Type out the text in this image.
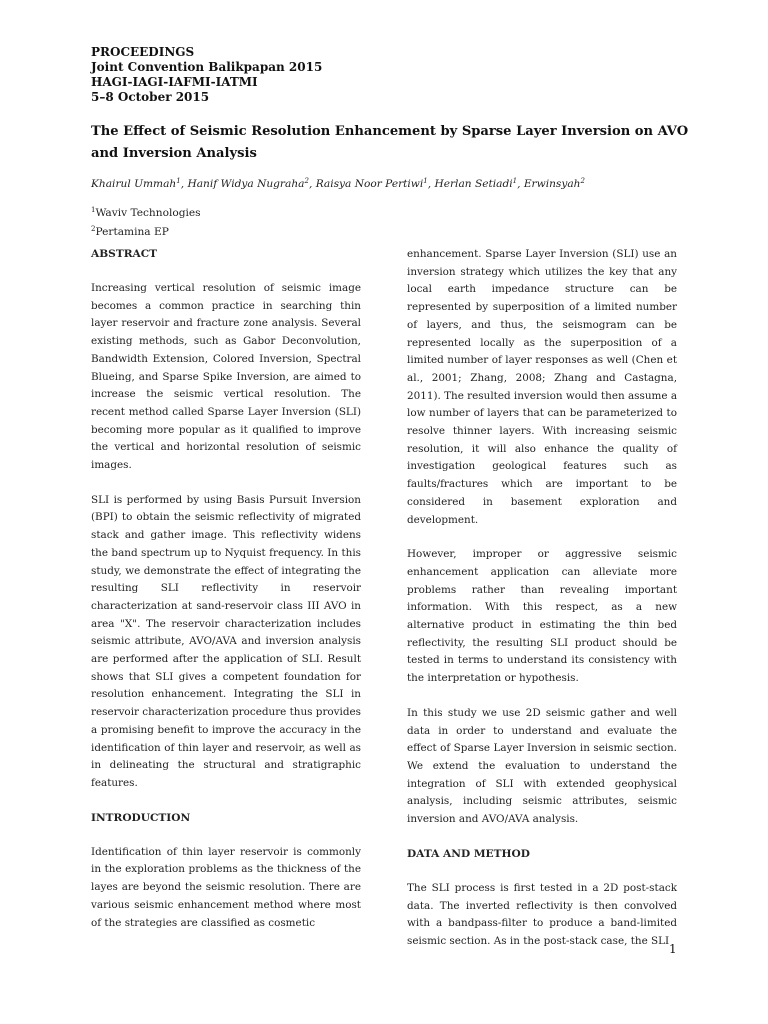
PROCEEDINGS
Joint Convention Balikpapan 2015
HAGI-IAGI-IAFMI-IATMI
5–8 October 2015
The Effect of Seismic Resolution Enhancement by Sparse Layer Inversion on AVO and Inversion Analysis
Khairul Ummah$^1$, Hanif Widya Nugraha$^2$, Raisya Noor Pertiwi$^1$, Herlan Setiadi$^1$, Erwinsyah$^2$
$^1$Waviv Technologies
$^2$Pertamina EP
ABSTRACT
Increasing vertical resolution of seismic image becomes a common practice in searching thin layer reservoir and fracture zone analysis. Several existing methods, such as Gabor Deconvolution, Bandwidth Extension, Colored Inversion, Spectral Blueing, and Sparse Spike Inversion, are aimed to increase the seismic vertical resolution. The recent method called Sparse Layer Inversion (SLI) becoming more popular as it qualified to improve the vertical and horizontal resolution of seismic images.
SLI is performed by using Basis Pursuit Inversion (BPI) to obtain the seismic reflectivity of migrated stack and gather image. This reflectivity widens the band spectrum up to Nyquist frequency. In this study, we demonstrate the effect of integrating the resulting SLI reflectivity in reservoir characterization at sand-reservoir class III AVO in area "X". The reservoir characterization includes seismic attribute, AVO/AVA and inversion analysis are performed after the application of SLI. Result shows that SLI gives a competent foundation for resolution enhancement. Integrating the SLI in reservoir characterization procedure thus provides a promising benefit to improve the accuracy in the identification of thin layer and reservoir, as well as in delineating the structural and stratigraphic features.
INTRODUCTION
Identification of thin layer reservoir is commonly in the exploration problems as the thickness of the layes are beyond the seismic resolution. There are various seismic enhancement method where most of the strategies are classified as cosmetic
enhancement. Sparse Layer Inversion (SLI) use an inversion strategy which utilizes the key that any local earth impedance structure can be represented by superposition of a limited number of layers, and thus, the seismogram can be represented locally as the superposition of a limited number of layer responses as well (Chen et al., 2001; Zhang, 2008; Zhang and Castagna, 2011). The resulted inversion would then assume a low number of layers that can be parameterized to resolve thinner layers. With increasing seismic resolution, it will also enhance the quality of investigation geological features such as faults/fractures which are important to be considered in basement exploration and development.
However, improper or aggressive seismic enhancement application can alleviate more problems rather than revealing important information. With this respect, as a new alternative product in estimating the thin bed reflectivity, the resulting SLI product should be tested in terms to understand its consistency with the interpretation or hypothesis.
In this study we use 2D seismic gather and well data in order to understand and evaluate the effect of Sparse Layer Inversion in seismic section. We extend the evaluation to understand the integration of SLI with extended geophysical analysis, including seismic attributes, seismic inversion and AVO/AVA analysis.
DATA AND METHOD
The SLI process is first tested in a 2D post-stack data. The inverted reflectivity is then convolved with a bandpass-filter to produce a band-limited seismic section. As in the post-stack case, the SLI
1
